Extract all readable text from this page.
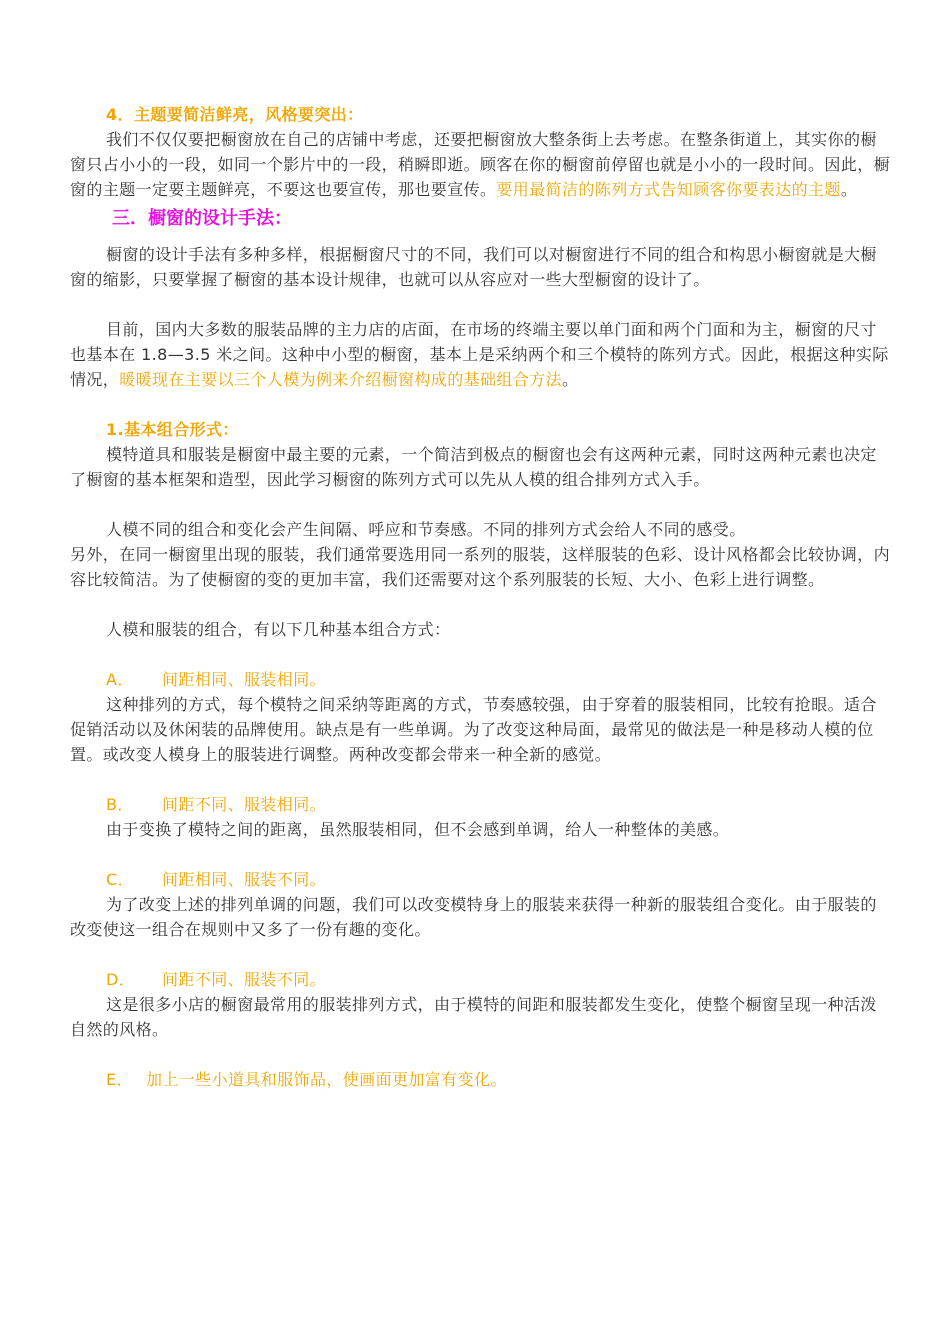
4．主题要简洁鲜亮，风格要突出：

我们不仅仅要把橱窗放在自己的店铺中考虑，还要把橱窗放大整条街上去考虑。在整条街道上，其实你的橱窗只占小小的一段，如同一个影片中的一段，稍瞬即逝。顾客在你的橱窗前停留也就是小小的一段时间。因此，橱窗的主题一定要主题鲜亮，不要这也要宣传，那也要宣传。要用最简洁的陈列方式告知顾客你要表达的主题。

三．橱窗的设计手法：

橱窗的设计手法有多种多样，根据橱窗尺寸的不同，我们可以对橱窗进行不同的组合和构思小橱窗就是大橱窗的缩影，只要掌握了橱窗的基本设计规律，也就可以从容应对一些大型橱窗的设计了。

目前，国内大多数的服装品牌的主力店的店面，在市场的终端主要以单门面和两个门面和为主，橱窗的尺寸也基本在 1.8—3.5 米之间。这种中小型的橱窗，基本上是采纳两个和三个模特的陈列方式。因此，根据这种实际情况，暖暖现在主要以三个人模为例来介绍橱窗构成的基础组合方法。

1.基本组合形式：

模特道具和服装是橱窗中最主要的元素，一个简洁到极点的橱窗也会有这两种元素，同时这两种元素也决定了橱窗的基本框架和造型，因此学习橱窗的陈列方式可以先从人模的组合排列方式入手。

人模不同的组合和变化会产生间隔、呼应和节奏感。不同的排列方式会给人不同的感受。

另外，在同一橱窗里出现的服装，我们通常要选用同一系列的服装，这样服装的色彩、设计风格都会比较协调，内容比较简洁。为了使橱窗的变的更加丰富，我们还需要对这个系列服装的长短、大小、色彩上进行调整。

人模和服装的组合，有以下几种基本组合方式：

A． 间距相同、服装相同。

这种排列的方式，每个模特之间采纳等距离的方式，节奏感较强，由于穿着的服装相同，比较有抢眼。适合促销活动以及休闲装的品牌使用。缺点是有一些单调。为了改变这种局面，最常见的做法是一种是移动人模的位置。或改变人模身上的服装进行调整。两种改变都会带来一种全新的感觉。

B． 间距不同、服装相同。

由于变换了模特之间的距离，虽然服装相同，但不会感到单调，给人一种整体的美感。

C． 间距相同、服装不同。

为了改变上述的排列单调的问题，我们可以改变模特身上的服装来获得一种新的服装组合变化。由于服装的改变使这一组合在规则中又多了一份有趣的变化。

D． 间距不同、服装不同。

这是很多小店的橱窗最常用的服装排列方式，由于模特的间距和服装都发生变化，使整个橱窗呈现一种活泼自然的风格。

E． 加上一些小道具和服饰品，使画面更加富有变化。
